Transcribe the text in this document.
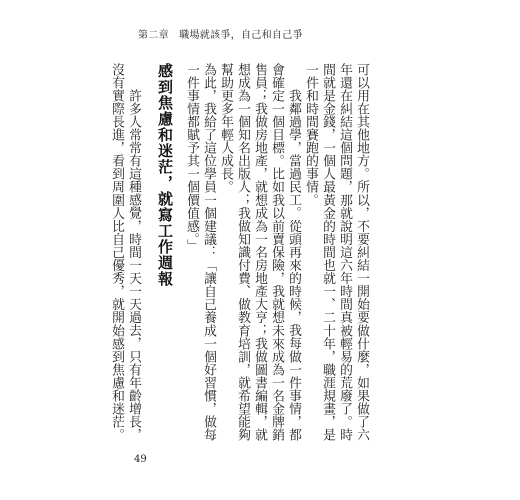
第二章　職場就該爭，自己和自己爭

可以用在其他地方。所以，不要糾結一開始要做什麼，如果做了六年還在糾結這個問題，那就說明這六年時間真被輕易的荒廢了。時間就是金錢，一個人最黃金的時間也就一、二十年，職涯規畫，是一件和時間賽跑的事情。

我鄰過學，當過民工。從頭再來的時候，我每做一件事情，都會確定一個目標。比如我以前賣保險，我就想未來成為一名金牌銷售員；我做房地產，就想成為一名房地產大亨；我做圖書編輯，就想成為一個知名出版人；我做知識付費、做教育培訓，就希望能夠幫助更多年輕人成長。

為此，我給了這位學員一個建議：「讓自己養成一個好習慣，做每一件事情都賦予其一個價值感。」

感到焦慮和迷茫，就寫工作週報

許多人常常有這種感覺，時間一天一天過去，只有年齡增長，沒有實際長進，看到周圍人比自己優秀，就開始感到焦慮和迷茫。

49
